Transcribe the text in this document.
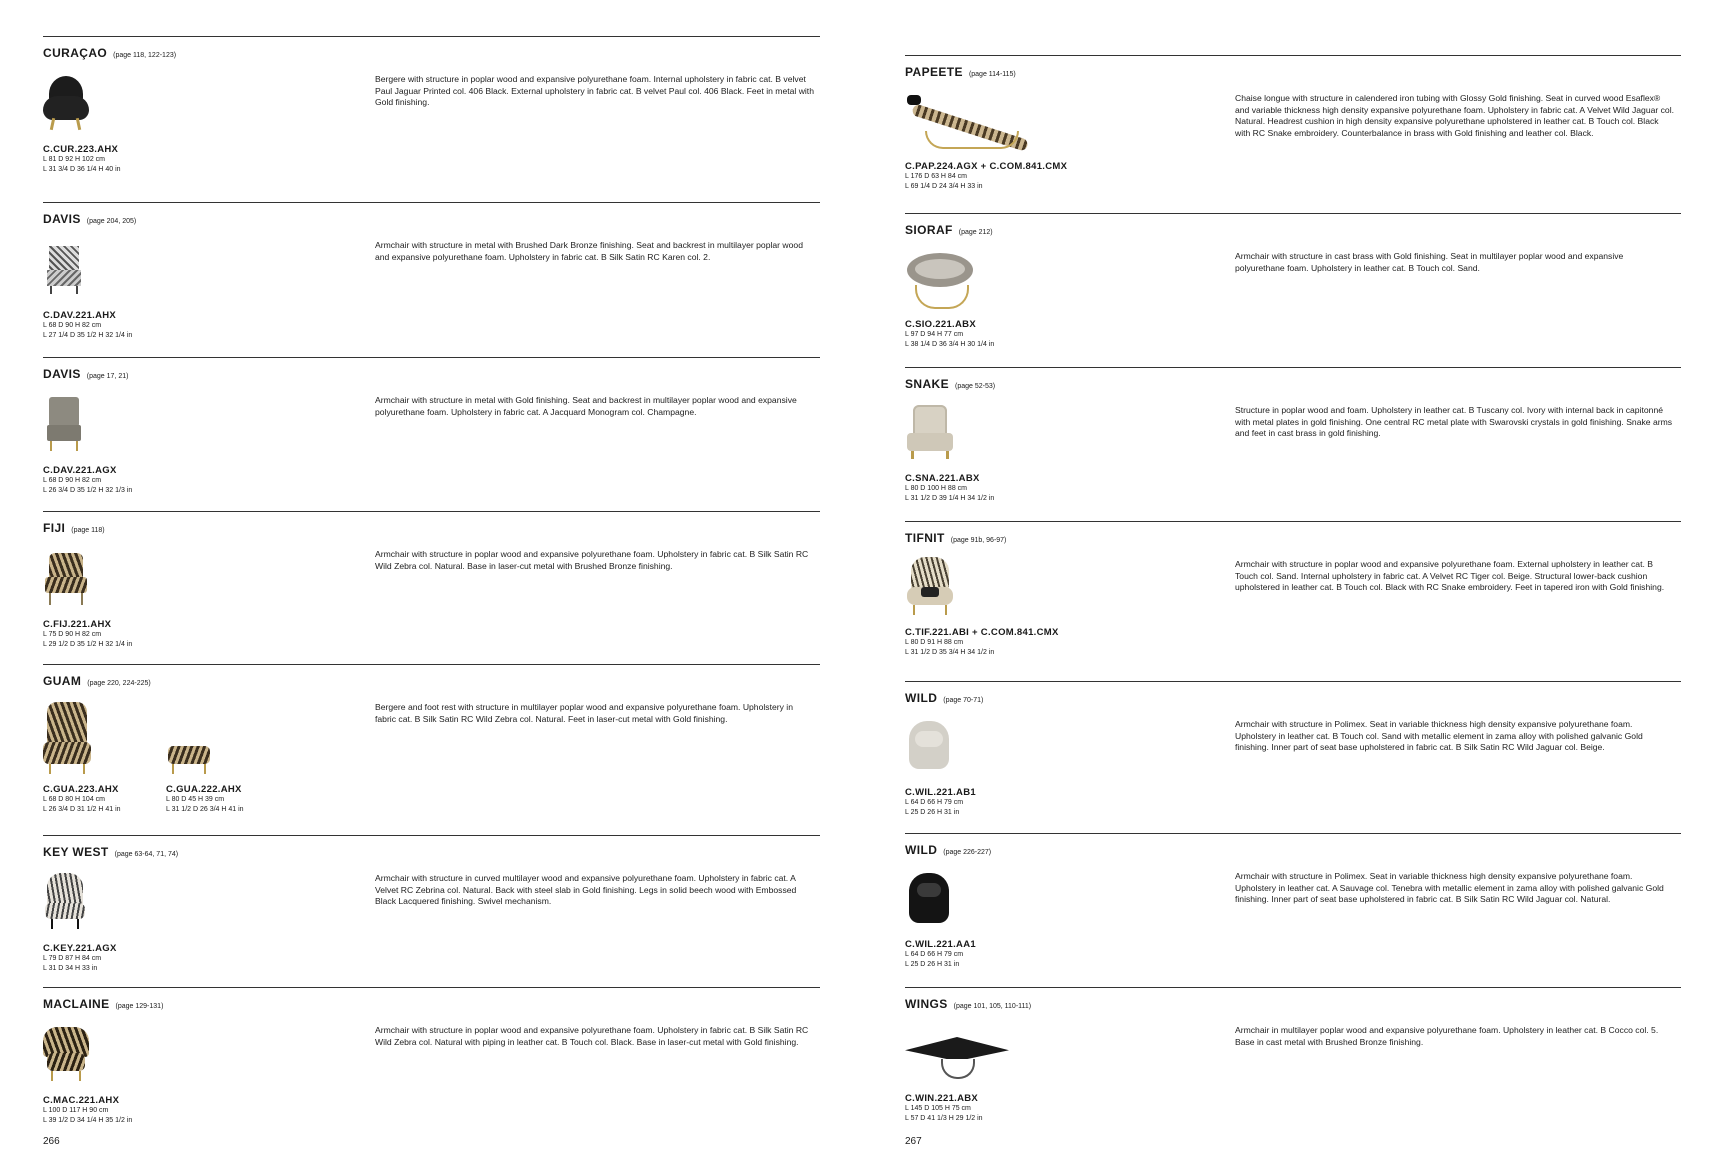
CURAÇAO (page 118, 122-123)
Bergere with structure in poplar wood and expansive polyurethane foam. Internal upholstery in fabric cat. B velvet Paul Jaguar Printed col. 406 Black. External upholstery in fabric cat. B velvet Paul col. 406 Black. Feet in metal with Gold finishing.
C.CUR.223.AHX
L 81 D 92 H 102 cm
L 31 3/4 D 36 1/4 H 40 in
DAVIS (page 204, 205)
Armchair with structure in metal with Brushed Dark Bronze finishing. Seat and backrest in multilayer poplar wood and expansive polyurethane foam. Upholstery in fabric cat. B Silk Satin RC Karen col. 2.
C.DAV.221.AHX
L 68 D 90 H 82 cm
L 27 1/4 D 35 1/2 H 32 1/4 in
DAVIS (page 17, 21)
Armchair with structure in metal with Gold finishing. Seat and backrest in multilayer poplar wood and expansive polyurethane foam. Upholstery in fabric cat. A Jacquard Monogram col. Champagne.
C.DAV.221.AGX
L 68 D 90 H 82 cm
L 26 3/4 D 35 1/2 H 32 1/3 in
FIJI (page 118)
Armchair with structure in poplar wood and expansive polyurethane foam. Upholstery in fabric cat. B Silk Satin RC Wild Zebra col. Natural. Base in laser-cut metal with Brushed Bronze finishing.
C.FIJ.221.AHX
L 75 D 90 H 82 cm
L 29 1/2 D 35 1/2 H 32 1/4 in
GUAM (page 220, 224-225)
Bergere and foot rest with structure in multilayer poplar wood and expansive polyurethane foam. Upholstery in fabric cat. B Silk Satin RC Wild Zebra col. Natural. Feet in laser-cut metal with Gold finishing.
C.GUA.223.AHX
L 68 D 80 H 104 cm
L 26 3/4 D 31 1/2 H 41 in
C.GUA.222.AHX
L 80 D 45 H 39 cm
L 31 1/2 D 26 3/4 H 41 in
KEY WEST (page 63-64, 71, 74)
Armchair with structure in curved multilayer wood and expansive polyurethane foam. Upholstery in fabric cat. A Velvet RC Zebrina col. Natural. Back with steel slab in Gold finishing. Legs in solid beech wood with Embossed Black Lacquered finishing. Swivel mechanism.
C.KEY.221.AGX
L 79 D 87 H 84 cm
L 31 D 34 H 33 in
MACLAINE (page 129-131)
Armchair with structure in poplar wood and expansive polyurethane foam. Upholstery in fabric cat. B Silk Satin RC Wild Zebra col. Natural with piping in leather cat. B Touch col. Black. Base in laser-cut metal with Gold finishing.
C.MAC.221.AHX
L 100 D 117 H 90 cm
L 39 1/2 D 34 1/4 H 35 1/2 in
266
PAPEETE (page 114-115)
Chaise longue with structure in calendered iron tubing with Glossy Gold finishing. Seat in curved wood Esaflex® and variable thickness high density expansive polyurethane foam. Upholstery in fabric cat. A Velvet Wild Jaguar col. Natural. Headrest cushion in high density expansive polyurethane upholstered in leather cat. B Touch col. Black with RC Snake embroidery. Counterbalance in brass with Gold finishing and leather col. Black.
C.PAP.224.AGX + C.COM.841.CMX
L 176 D 63 H 84 cm
L 69 1/4 D 24 3/4 H 33 in
SIORAF (page 212)
Armchair with structure in cast brass with Gold finishing. Seat in multilayer poplar wood and expansive polyurethane foam. Upholstery in leather cat. B Touch col. Sand.
C.SIO.221.ABX
L 97 D 94 H 77 cm
L 38 1/4 D 36 3/4 H 30 1/4 in
SNAKE (page 52-53)
Structure in poplar wood and foam. Upholstery in leather cat. B Tuscany col. Ivory with internal back in capitonné with metal plates in gold finishing. One central RC metal plate with Swarovski crystals in gold finishing. Snake arms and feet in cast brass in gold finishing.
C.SNA.221.ABX
L 80 D 100 H 88 cm
L 31 1/2 D 39 1/4 H 34 1/2 in
TIFNIT (page 91b, 96-97)
Armchair with structure in poplar wood and expansive polyurethane foam. External upholstery in leather cat. B Touch col. Sand. Internal upholstery in fabric cat. A Velvet RC Tiger col. Beige. Structural lower-back cushion upholstered in leather cat. B Touch col. Black with RC Snake embroidery. Feet in tapered iron with Gold finishing.
C.TIF.221.ABI + C.COM.841.CMX
L 80 D 91 H 88 cm
L 31 1/2 D 35 3/4 H 34 1/2 in
WILD (page 70-71)
Armchair with structure in Polimex. Seat in variable thickness high density expansive polyurethane foam. Upholstery in leather cat. B Touch col. Sand with metallic element in zama alloy with polished galvanic Gold finishing. Inner part of seat base upholstered in fabric cat. B Silk Satin RC Wild Jaguar col. Beige.
C.WIL.221.AB1
L 64 D 66 H 79 cm
L 25 D 26 H 31 in
WILD (page 226-227)
Armchair with structure in Polimex. Seat in variable thickness high density expansive polyurethane foam. Upholstery in leather cat. A Sauvage col. Tenebra with metallic element in zama alloy with polished galvanic Gold finishing. Inner part of seat base upholstered in fabric cat. B Silk Satin RC Wild Jaguar col. Natural.
C.WIL.221.AA1
L 64 D 66 H 79 cm
L 25 D 26 H 31 in
WINGS (page 101, 105, 110-111)
Armchair in multilayer poplar wood and expansive polyurethane foam. Upholstery in leather cat. B Cocco col. 5. Base in cast metal with Brushed Bronze finishing.
C.WIN.221.ABX
L 145 D 105 H 75 cm
L 57 D 41 1/3 H 29 1/2 in
267
